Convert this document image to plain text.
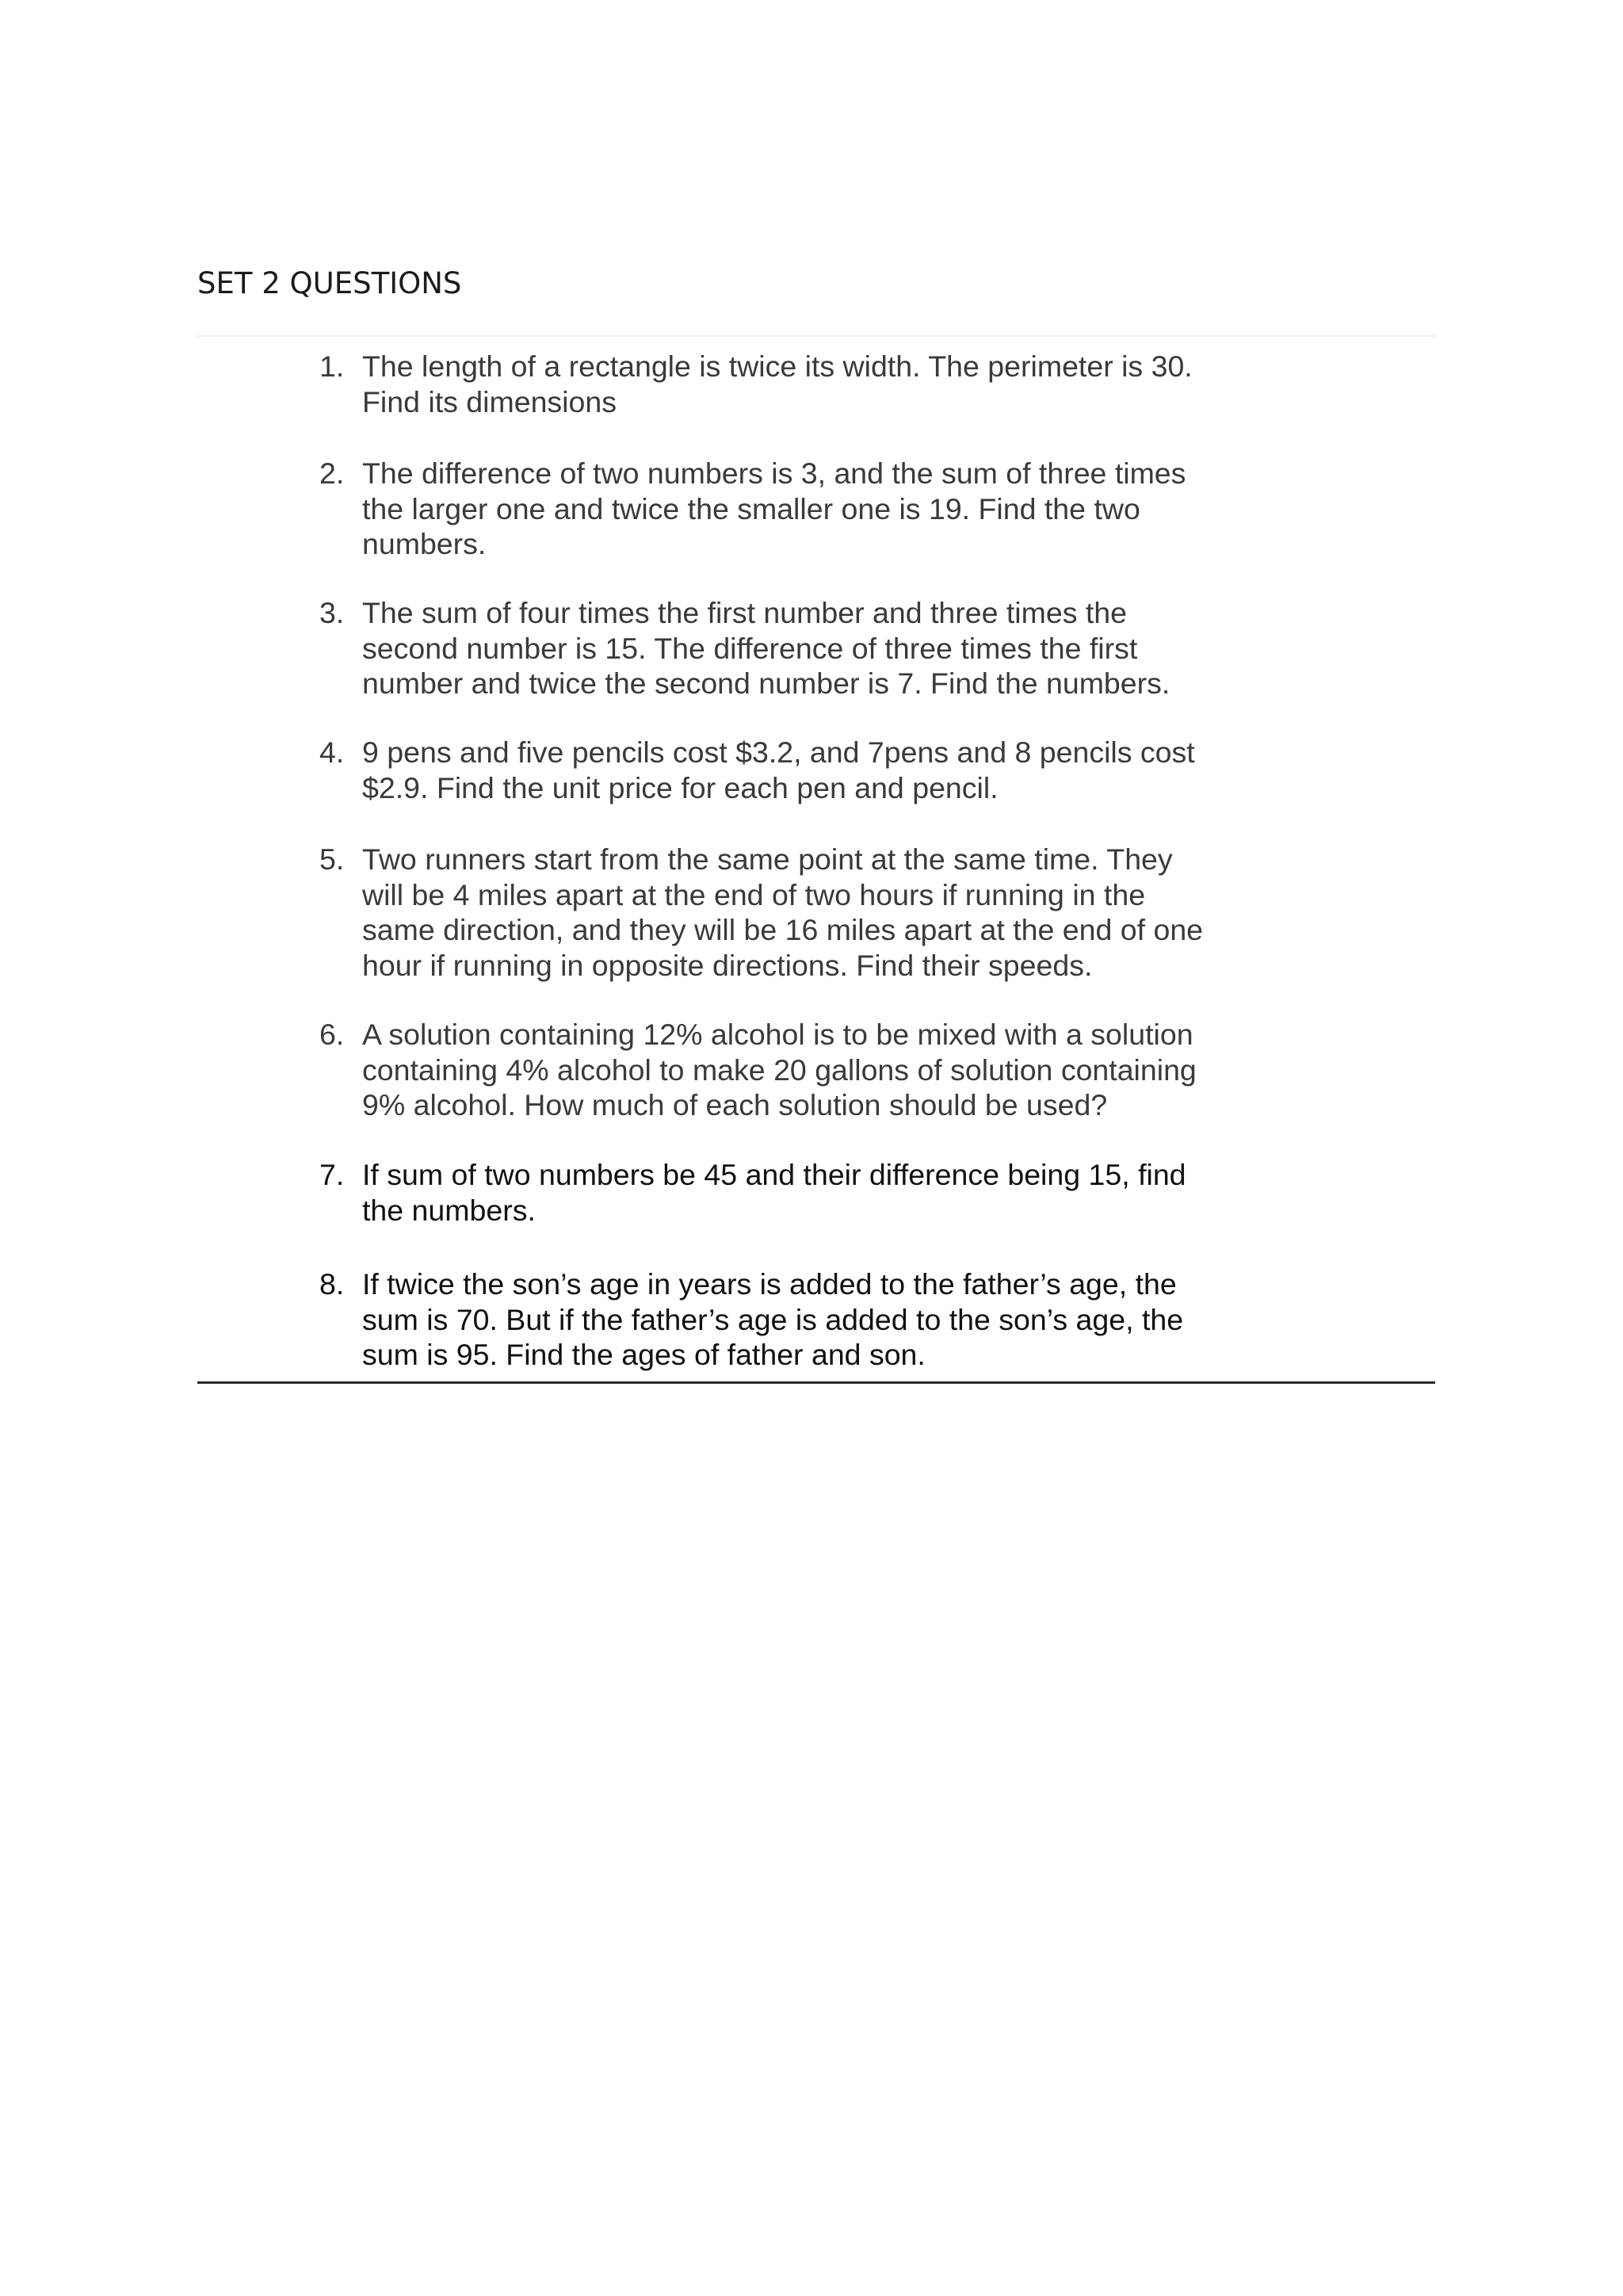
SET 2 QUESTIONS
1. The length of a rectangle is twice its width. The perimeter is 30.
Find its dimensions
2. The difference of two numbers is 3, and the sum of three times
the larger one and twice the smaller one is 19. Find the two
numbers.
3. The sum of four times the first number and three times the
second number is 15. The difference of three times the first
number and twice the second number is 7. Find the numbers.
4. 9 pens and five pencils cost $3.2, and 7pens and 8 pencils cost
$2.9. Find the unit price for each pen and pencil.
5. Two runners start from the same point at the same time. They
will be 4 miles apart at the end of two hours if running in the
same direction, and they will be 16 miles apart at the end of one
hour if running in opposite directions. Find their speeds.
6. A solution containing 12% alcohol is to be mixed with a solution
containing 4% alcohol to make 20 gallons of solution containing
9% alcohol. How much of each solution should be used?
7. If sum of two numbers be 45 and their difference being 15, find
the numbers.
8. If twice the son’s age in years is added to the father’s age, the
sum is 70. But if the father’s age is added to the son’s age, the
sum is 95. Find the ages of father and son.
